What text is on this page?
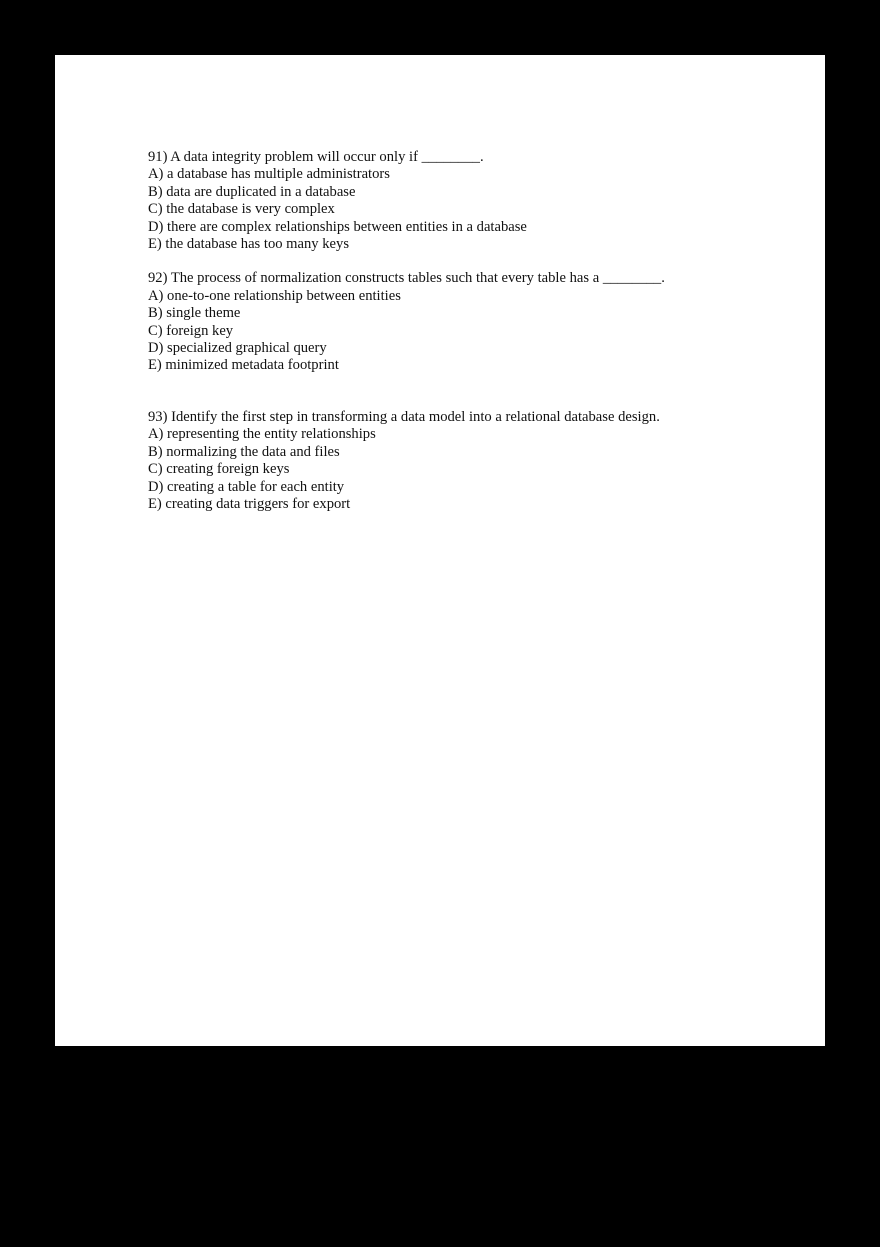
91) A data integrity problem will occur only if ________.
A) a database has multiple administrators
B) data are duplicated in a database
C) the database is very complex
D) there are complex relationships between entities in a database
E) the database has too many keys
92) The process of normalization constructs tables such that every table has a ________.
A) one-to-one relationship between entities
B) single theme
C) foreign key
D) specialized graphical query
E) minimized metadata footprint
93) Identify the first step in transforming a data model into a relational database design.
A) representing the entity relationships
B) normalizing the data and files
C) creating foreign keys
D) creating a table for each entity
E) creating data triggers for export
